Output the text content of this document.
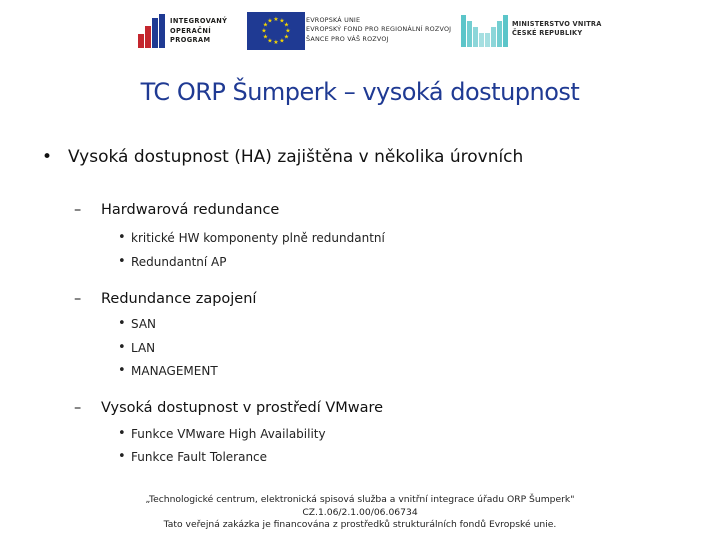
INTEGROVANÝ
OPERAČNÍ
PROGRAM
★ ★
★
★
★
★
★
★
★
★
★
★	EVROPSKÁ UNIE
EVROPSKÝ FOND PRO REGIONÁLNÍ ROZVOJ
ŠANCE PRO VÁŠ ROZVOJ
MINISTERSTVO VNITRA
ČESKÉ REPUBLIKY
TC ORP Šumperk – vysoká dostupnost
• Vysoká dostupnost (HA) zajištěna v několika úrovních
– Hardwarová redundance
• kritické HW komponenty plně redundantní
• Redundantní AP
– Redundance zapojení
• SAN
• LAN
• MANAGEMENT
– Vysoká dostupnost v prostředí VMware
• Funkce VMware High Availability
• Funkce Fault Tolerance
„Technologické centrum, elektronická spisová služba a vnitřní integrace úřadu ORP Šumperk"
CZ.1.06/2.1.00/06.06734
Tato veřejná zakázka je financována z prostředků strukturálních fondů Evropské unie.
